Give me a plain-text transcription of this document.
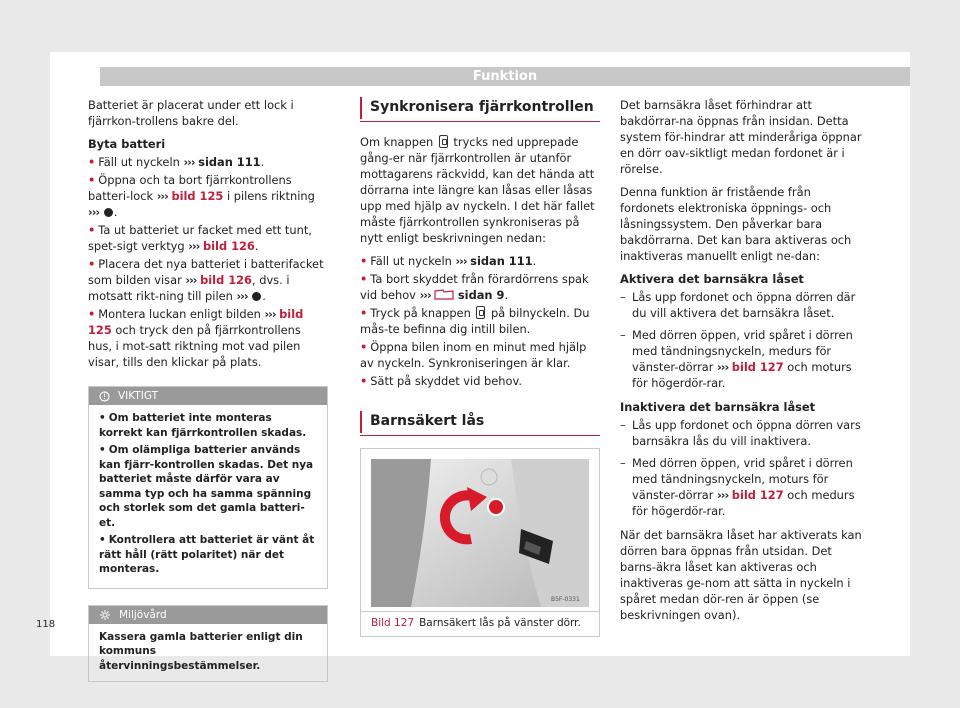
Funktion

Batteriet är placerat under ett lock i fjärrkon-trollens bakre del.

Byta batteri

• Fäll ut nyckeln ››› sidan 111.
• Öppna och ta bort fjärrkontrollens batteri-lock ››› bild 125 i pilens riktning ››› .
• Ta ut batteriet ur facket med ett tunt, spet-sigt verktyg ››› bild 126.
• Placera det nya batteriet i batterifacket som bilden visar ››› bild 126, dvs. i motsatt rikt-ning till pilen ››› .
• Montera luckan enligt bilden ››› bild 125 och tryck den på fjärrkontrollens hus, i mot-satt riktning mot vad pilen visar, tills den klickar på plats.
VIKTIGT
• Om batteriet inte monteras korrekt kan fjärrkontrollen skadas.
• Om olämpliga batterier används kan fjärr-kontrollen skadas. Det nya batteriet måste därför vara av samma typ och ha samma spänning och storlek som det gamla batteri-et.
• Kontrollera att batteriet är vänt åt rätt håll (rätt polaritet) när det monteras.
Miljövård
Kassera gamla batterier enligt din kommuns återvinningsbestämmelser.
Synkronisera fjärrkontrollen

Om knappen trycks ned upprepade gång-er när fjärrkontrollen är utanför mottagarens räckvidd, kan det hända att dörrarna inte längre kan låsas eller låsas upp med hjälp av nyckeln. I det här fallet måste fjärrkontrollen synkroniseras på nytt enligt beskrivningen nedan:

• Fäll ut nyckeln ››› sidan 111.
• Ta bort skyddet från förardörrens spak vid behov ››› sidan 9.
• Tryck på knappen på bilnyckeln. Du mås-te befinna dig intill bilen.
• Öppna bilen inom en minut med hjälp av nyckeln. Synkroniseringen är klar.
• Sätt på skyddet vid behov.
Barnsäkert lås
B5F-0331
Bild 127 Barnsäkert lås på vänster dörr.

Det barnsäkra låset förhindrar att bakdörrar-na öppnas från insidan. Detta system för-hindrar att minderåriga öppnar en dörr oav-siktligt medan fordonet är i rörelse.

Denna funktion är fristående från fordonets elektroniska öppnings- och låsningssystem. Den påverkar bara bakdörrarna. Det kan bara aktiveras och inaktiveras manuellt enligt ne-dan:

Aktivera det barnsäkra låset

– Lås upp fordonet och öppna dörren där du vill aktivera det barnsäkra låset.
– Med dörren öppen, vrid spåret i dörren med tändningsnyckeln, medurs för vänster-dörrar ››› bild 127 och moturs för högerdör-rar.

Inaktivera det barnsäkra låset

– Lås upp fordonet och öppna dörren vars barnsäkra lås du vill inaktivera.
– Med dörren öppen, vrid spåret i dörren med tändningsnyckeln, moturs för vänster-dörrar ››› bild 127 och medurs för högerdör-rar.

När det barnsäkra låset har aktiverats kan dörren bara öppnas från utsidan. Det barns-äkra låset kan aktiveras och inaktiveras ge-nom att sätta in nyckeln i spåret medan dör-ren är öppen (se beskrivningen ovan).

118
